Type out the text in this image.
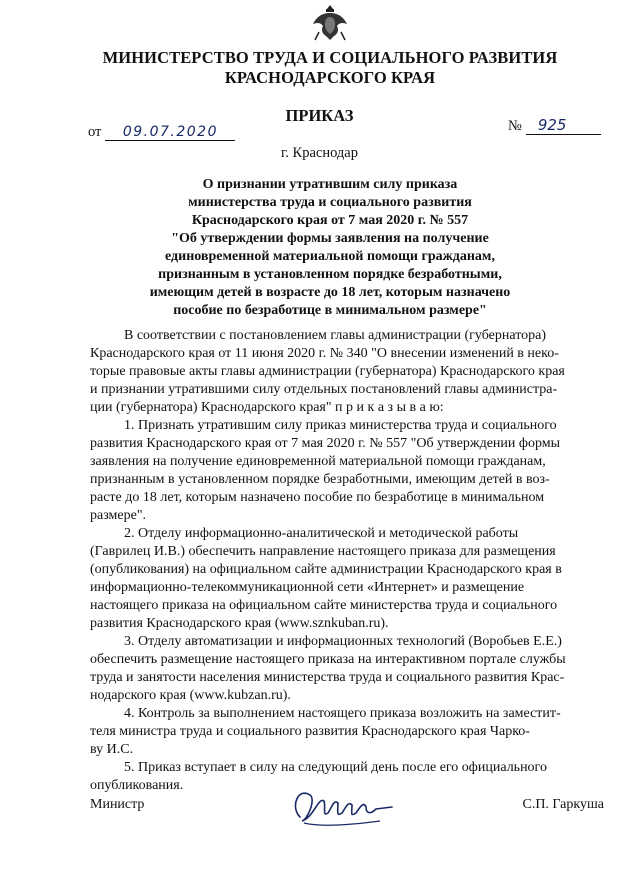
МИНИСТЕРСТВО ТРУДА И СОЦИАЛЬНОГО РАЗВИТИЯ
КРАСНОДАРСКОГО КРАЯ
ПРИКАЗ
от 09.07.2020	№ 925
г. Краснодар
О признании утратившим силу приказа
министерства труда и социального развития
Краснодарского края от 7 мая 2020 г. № 557
"Об утверждении формы заявления на получение
единовременной материальной помощи гражданам,
признанным в установленном порядке безработными,
имеющим детей в возрасте до 18 лет, которым назначено
пособие по безработице в минимальном размере"

В соответствии с постановлением главы администрации (губернатора)
Краснодарского края от 11 июня 2020 г. № 340 "О внесении изменений в неко-
торые правовые акты главы администрации (губернатора) Краснодарского края
и признании утратившими силу отдельных постановлений главы администра-
ции (губернатора) Краснодарского края" п р и к а з ы в а ю:

1. Признать утратившим силу приказ министерства труда и социального
развития Краснодарского края от 7 мая 2020 г. № 557 "Об утверждении формы
заявления на получение единовременной материальной помощи гражданам,
признанным в установленном порядке безработными, имеющим детей в воз-
расте до 18 лет, которым назначено пособие по безработице в минимальном
размере".

2. Отделу информационно-аналитической и методической работы
(Гаврилец И.В.) обеспечить направление настоящего приказа для размещения
(опубликования) на официальном сайте администрации Краснодарского края в
информационно-телекоммуникационной сети «Интернет» и размещение
настоящего приказа на официальном сайте министерства труда и социального
развития Краснодарского края (www.sznkuban.ru).

3. Отделу автоматизации и информационных технологий (Воробьев Е.Е.)
обеспечить размещение настоящего приказа на интерактивном портале службы
труда и занятости населения министерства труда и социального развития Крас-
нодарского края (www.kubzan.ru).

4. Контроль за выполнением настоящего приказа возложить на заместит-
теля министра труда и социального развития Краснодарского края Чарко-
ву И.С.

5. Приказ вступает в силу на следующий день после его официального
опубликования.

Министр	С.П. Гаркуша
